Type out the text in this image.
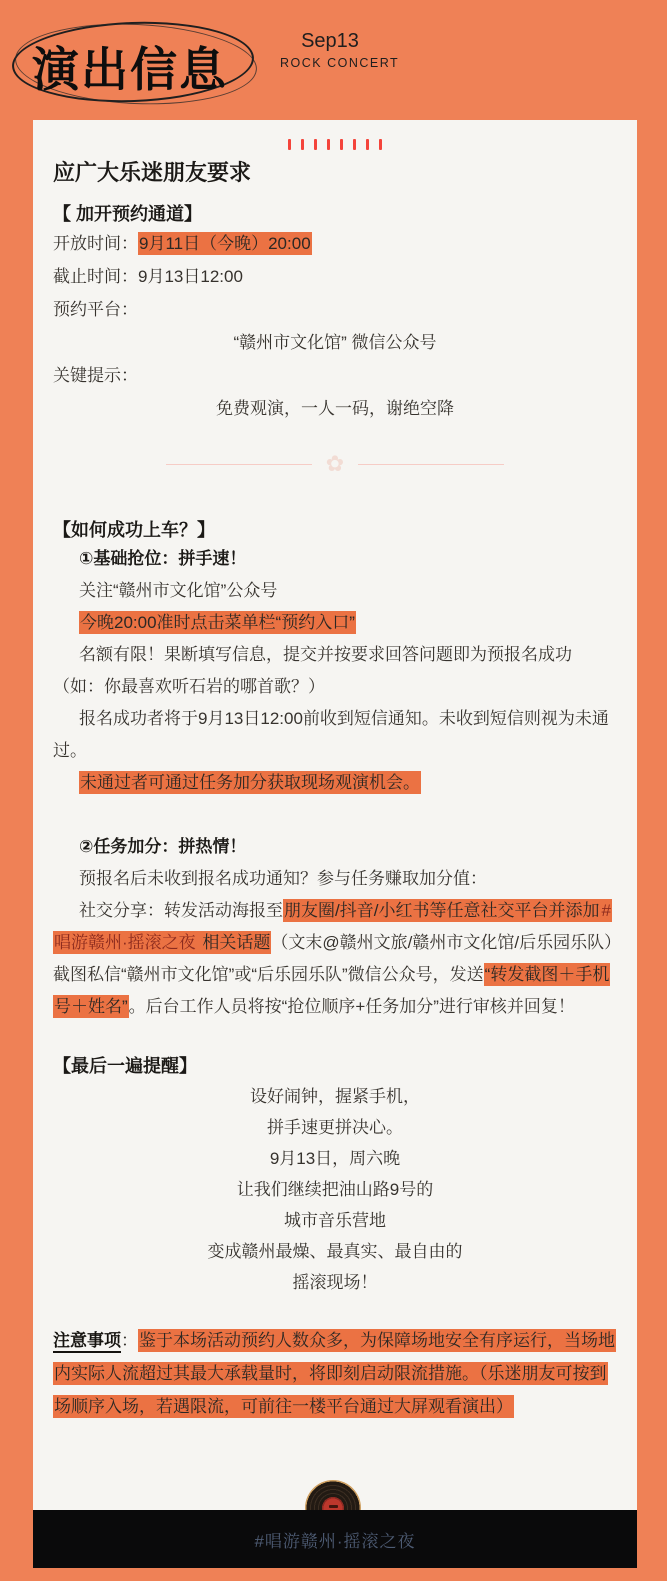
演出信息
Sep13
ROCK CONCERT
应广大乐迷朋友要求
【 加开预约通道】
开放时间：9月11日（今晚）20:00
截止时间：9月13日12:00
预约平台：
“赣州市文化馆” 微信公众号
关键提示：
免费观演，一人一码，谢绝空降
✿
【如何成功上车？】
①基础抢位：拼手速！
关注“赣州市文化馆”公众号
今晚20:00准时点击菜单栏“预约入口”
名额有限！果断填写信息，提交并按要求回答问题即为预报名成功
（如：你最喜欢听石岩的哪首歌？）
报名成功者将于9月13日12:00前收到短信通知。未收到短信则视为未通过。
未通过者可通过任务加分获取现场观演机会。
②任务加分：拼热情！
预报名后未收到报名成功通知？参与任务赚取加分值：
社交分享：转发活动海报至朋友圈/抖音/小红书等任意社交平台并添加 #唱游赣州·摇滚之夜 相关话题（文末@赣州文旅/赣州市文化馆/后乐园乐队）截图私信“赣州市文化馆”或“后乐园乐队”微信公众号，发送“转发截图＋手机号＋姓名”。后台工作人员将按“抢位顺序+任务加分”进行审核并回复！
【最后一遍提醒】
设好闹钟，握紧手机，
拼手速更拼决心。
9月13日，周六晚
让我们继续把油山路9号的
城市音乐营地
变成赣州最燥、最真实、最自由的
摇滚现场！
注意事项：鉴于本场活动预约人数众多，为保障场地安全有序运行，当场地内实际人流超过其最大承载量时，将即刻启动限流措施。（乐迷朋友可按到场顺序入场，若遇限流，可前往一楼平台通过大屏观看演出）
#唱游赣州·摇滚之夜
